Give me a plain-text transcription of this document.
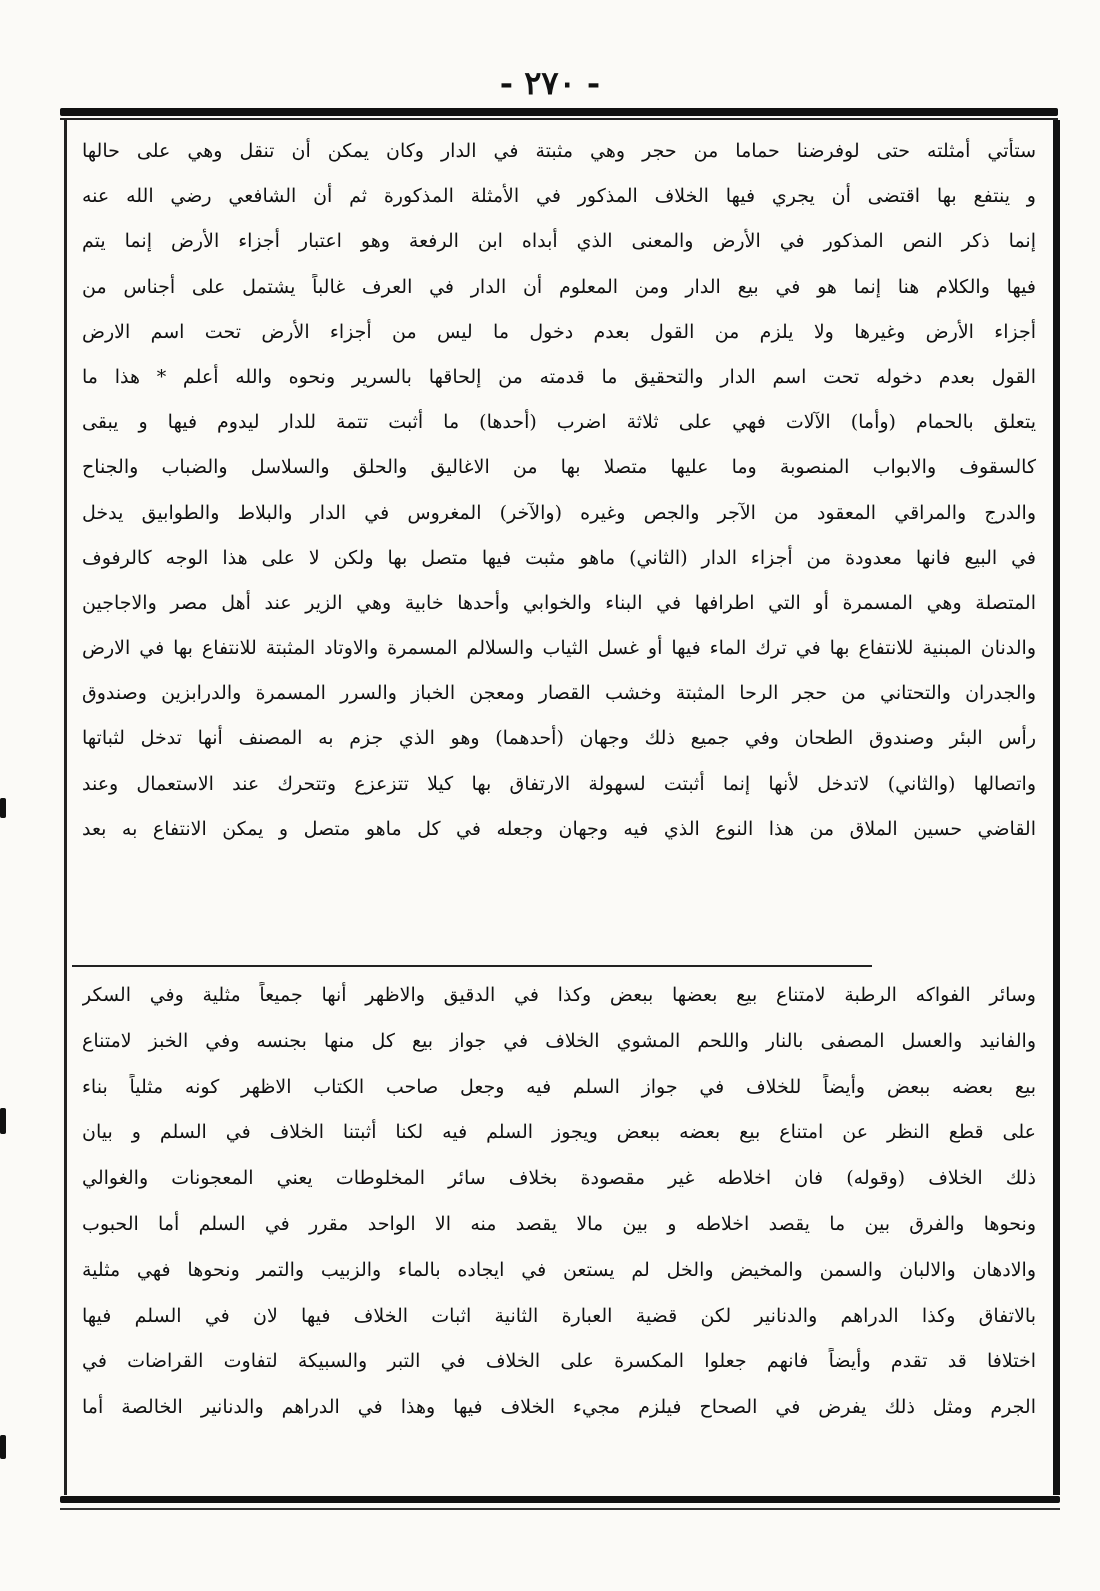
- ٢٧٠ -
ستأتي أمثلته حتى لوفرضنا حماما من حجر وهي مثبتة في الدار وكان يمكن أن تنقل وهي على حالها
و ينتفع بها اقتضى أن يجري فيها الخلاف المذكور في الأمثلة المذكورة ثم أن الشافعي رضي الله عنه
إنما ذكر النص المذكور في الأرض والمعنى الذي أبداه ابن الرفعة وهو اعتبار أجزاء الأرض إنما يتم
فيها والكلام هنا إنما هو في بيع الدار ومن المعلوم أن الدار في العرف غالباً يشتمل على أجناس من
أجزاء الأرض وغيرها ولا يلزم من القول بعدم دخول ما ليس من أجزاء الأرض تحت اسم الارض
القول بعدم دخوله تحت اسم الدار والتحقيق ما قدمته من إلحاقها بالسرير ونحوه والله أعلم * هذا ما
يتعلق بالحمام (وأما) الآلات فهي على ثلاثة اضرب (أحدها) ما أثبت تتمة للدار ليدوم فيها و يبقى
كالسقوف والابواب المنصوبة وما عليها متصلا بها من الاغاليق والحلق والسلاسل والضباب والجناح
والدرج والمراقي المعقود من الآجر والجص وغيره (والآخر) المغروس في الدار والبلاط والطوابيق يدخل
في البيع فانها معدودة من أجزاء الدار (الثاني) ماهو مثبت فيها متصل بها ولكن لا على هذا الوجه كالرفوف
المتصلة وهي المسمرة أو التي اطرافها في البناء والخوابي وأحدها خابية وهي الزير عند أهل مصر والاجاجين
والدنان المبنية للانتفاع بها في ترك الماء فيها أو غسل الثياب والسلالم المسمرة والاوتاد المثبتة للانتفاع بها في الارض
والجدران والتحتاني من حجر الرحا المثبتة وخشب القصار ومعجن الخباز والسرر المسمرة والدرابزين وصندوق
رأس البئر وصندوق الطحان وفي جميع ذلك وجهان (أحدهما) وهو الذي جزم به المصنف أنها تدخل لثباتها
واتصالها (والثاني) لاتدخل لأنها إنما أثبتت لسهولة الارتفاق بها كيلا تتزعزع وتتحرك عند الاستعمال وعند
القاضي حسين الملاق من هذا النوع الذي فيه وجهان وجعله في كل ماهو متصل و يمكن الانتفاع به بعد
وسائر الفواكه الرطبة لامتناع بيع بعضها ببعض وكذا في الدقيق والاظهر أنها جميعاً مثلية وفي السكر
والفانيد والعسل المصفى بالنار واللحم المشوي الخلاف في جواز بيع كل منها بجنسه وفي الخبز لامتناع
بيع بعضه ببعض وأيضاً للخلاف في جواز السلم فيه وجعل صاحب الكتاب الاظهر كونه مثلياً بناء
على قطع النظر عن امتناع بيع بعضه ببعض ويجوز السلم فيه لكنا أثبتنا الخلاف في السلم و بيان
ذلك الخلاف (وقوله) فان اخلاطه غير مقصودة بخلاف سائر المخلوطات يعني المعجونات والغوالي
ونحوها والفرق بين ما يقصد اخلاطه و بين مالا يقصد منه الا الواحد مقرر في السلم أما الحبوب
والادهان والالبان والسمن والمخيض والخل لم يستعن في ايجاده بالماء والزبيب والتمر ونحوها فهي مثلية
بالاتفاق وكذا الدراهم والدنانير لكن قضية العبارة الثانية اثبات الخلاف فيها لان في السلم فيها
اختلافا قد تقدم وأيضاً فانهم جعلوا المكسرة على الخلاف في التبر والسبيكة لتفاوت القراضات في
الجرم ومثل ذلك يفرض في الصحاح فيلزم مجيء الخلاف فيها وهذا في الدراهم والدنانير الخالصة أما
